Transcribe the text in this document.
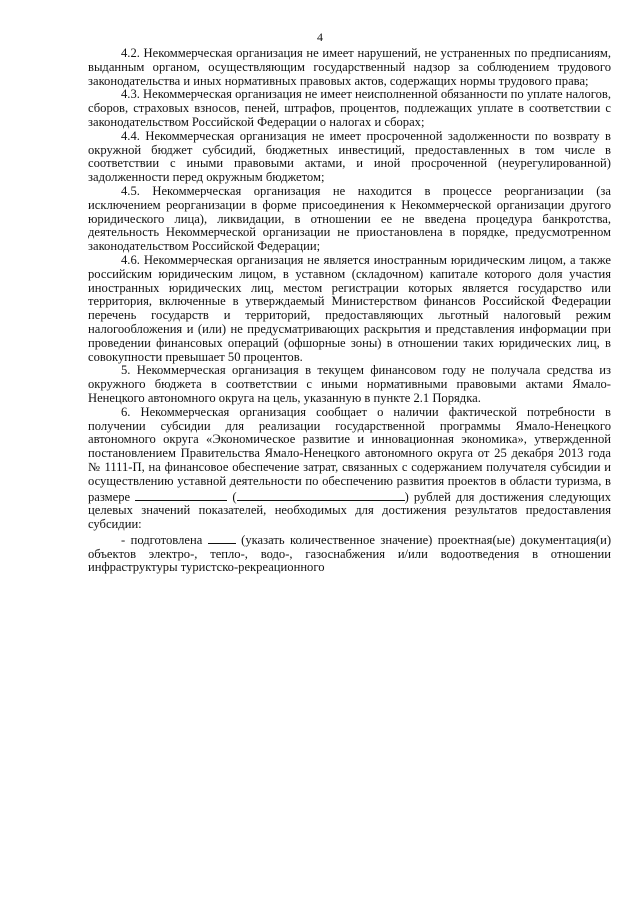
4

4.2. Некоммерческая организация не имеет нарушений, не устраненных по предписаниям, выданным органом, осуществляющим государственный надзор за соблюдением трудового законодательства и иных нормативных правовых актов, содержащих нормы трудового права;

4.3. Некоммерческая организация не имеет неисполненной обязанности по уплате налогов, сборов, страховых взносов, пеней, штрафов, процентов, подлежащих уплате в соответствии с законодательством Российской Федерации о налогах и сборах;

4.4. Некоммерческая организация не имеет просроченной задолженности по возврату в окружной бюджет субсидий, бюджетных инвестиций, предоставленных в том числе в соответствии с иными правовыми актами, и иной просроченной (неурегулированной) задолженности перед окружным бюджетом;

4.5. Некоммерческая организация не находится в процессе реорганизации (за исключением реорганизации в форме присоединения к Некоммерческой организации другого юридического лица), ликвидации, в отношении ее не введена процедура банкротства, деятельность Некоммерческой организации не приостановлена в порядке, предусмотренном законодательством Российской Федерации;

4.6. Некоммерческая организация не является иностранным юридическим лицом, а также российским юридическим лицом, в уставном (складочном) капитале которого доля участия иностранных юридических лиц, местом регистрации которых является государство или территория, включенные в утверждаемый Министерством финансов Российской Федерации перечень государств и территорий, предоставляющих льготный налоговый режим налогообложения и (или) не предусматривающих раскрытия и представления информации при проведении финансовых операций (офшорные зоны) в отношении таких юридических лиц, в совокупности превышает 50 процентов.

5. Некоммерческая организация в текущем финансовом году не получала средства из окружного бюджета в соответствии с иными нормативными правовыми актами Ямало-Ненецкого автономного округа на цель, указанную в пункте 2.1 Порядка.

6. Некоммерческая организация сообщает о наличии фактической потребности в получении субсидии для реализации государственной программы Ямало-Ненецкого автономного округа «Экономическое развитие и инновационная экономика», утвержденной постановлением Правительства Ямало-Ненецкого автономного округа от 25 декабря 2013 года № 1111-П, на финансовое обеспечение затрат, связанных с содержанием получателя субсидии и осуществлению уставной деятельности по обеспечению развития проектов в области туризма, в размере	(	) рублей для достижения следующих целевых значений показателей, необходимых для достижения результатов предоставления субсидии:

- подготовлена	(указать количественное значение) проектная(ые) документация(и) объектов электро-, тепло-, водо-, газоснабжения и/или водоотведения в отношении инфраструктуры туристско-рекреационного
